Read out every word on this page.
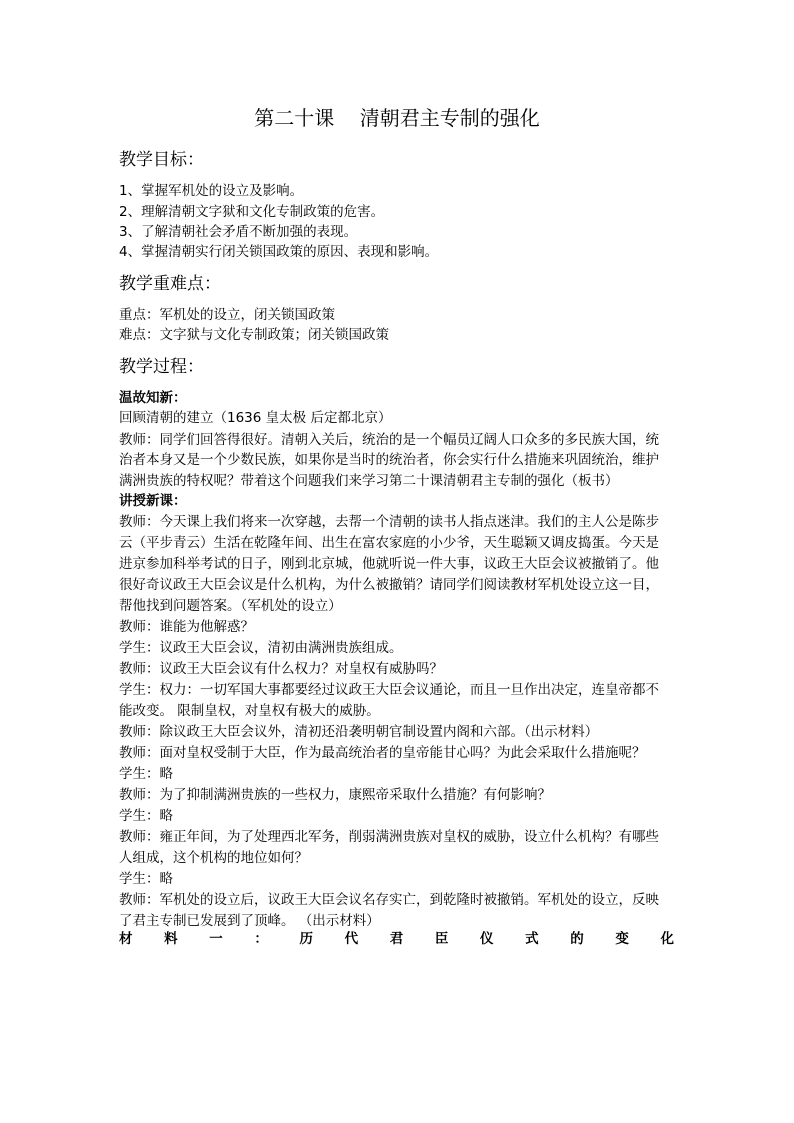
第二十课    清朝君主专制的强化
教学目标：
1、掌握军机处的设立及影响。
2、理解清朝文字狱和文化专制政策的危害。
3、了解清朝社会矛盾不断加强的表现。
4、掌握清朝实行闭关锁国政策的原因、表现和影响。
教学重难点：
重点：军机处的设立，闭关锁国政策
难点：文字狱与文化专制政策；闭关锁国政策
教学过程：
温故知新：
回顾清朝的建立（1636 皇太极 后定都北京）
教师：同学们回答得很好。清朝入关后，统治的是一个幅员辽阔人口众多的多民族大国，统
治者本身又是一个少数民族，如果你是当时的统治者，你会实行什么措施来巩固统治，维护
满洲贵族的特权呢？带着这个问题我们来学习第二十课清朝君主专制的强化（板书）
讲授新课：
教师：今天课上我们将来一次穿越，去帮一个清朝的读书人指点迷津。我们的主人公是陈步
云（平步青云）生活在乾隆年间、出生在富农家庭的小少爷，天生聪颖又调皮捣蛋。今天是
进京参加科举考试的日子，刚到北京城，他就听说一件大事，议政王大臣会议被撤销了。他
很好奇议政王大臣会议是什么机构，为什么被撤销？请同学们阅读教材军机处设立这一目，
帮他找到问题答案。（军机处的设立）
教师：谁能为他解惑？
学生：议政王大臣会议，清初由满洲贵族组成。
教师：议政王大臣会议有什么权力？对皇权有威胁吗？
学生：权力：一切军国大事都要经过议政王大臣会议通论，而且一旦作出决定，连皇帝都不
能改变。 限制皇权，对皇权有极大的威胁。
教师：除议政王大臣会议外，清初还沿袭明朝官制设置内阁和六部。（出示材料）
教师：面对皇权受制于大臣，作为最高统治者的皇帝能甘心吗？为此会采取什么措施呢？
学生：略
教师：为了抑制满洲贵族的一些权力，康熙帝采取什么措施？有何影响？
学生：略
教师：雍正年间，为了处理西北军务，削弱满洲贵族对皇权的威胁，设立什么机构？有哪些
人组成，这个机构的地位如何？
学生：略
教师：军机处的设立后，议政王大臣会议名存实亡，到乾隆时被撤销。军机处的设立，反映
了君主专制已发展到了顶峰。 （出示材料）
材 料 一 ： 历 代 君 臣 仪 式 的 变 化
